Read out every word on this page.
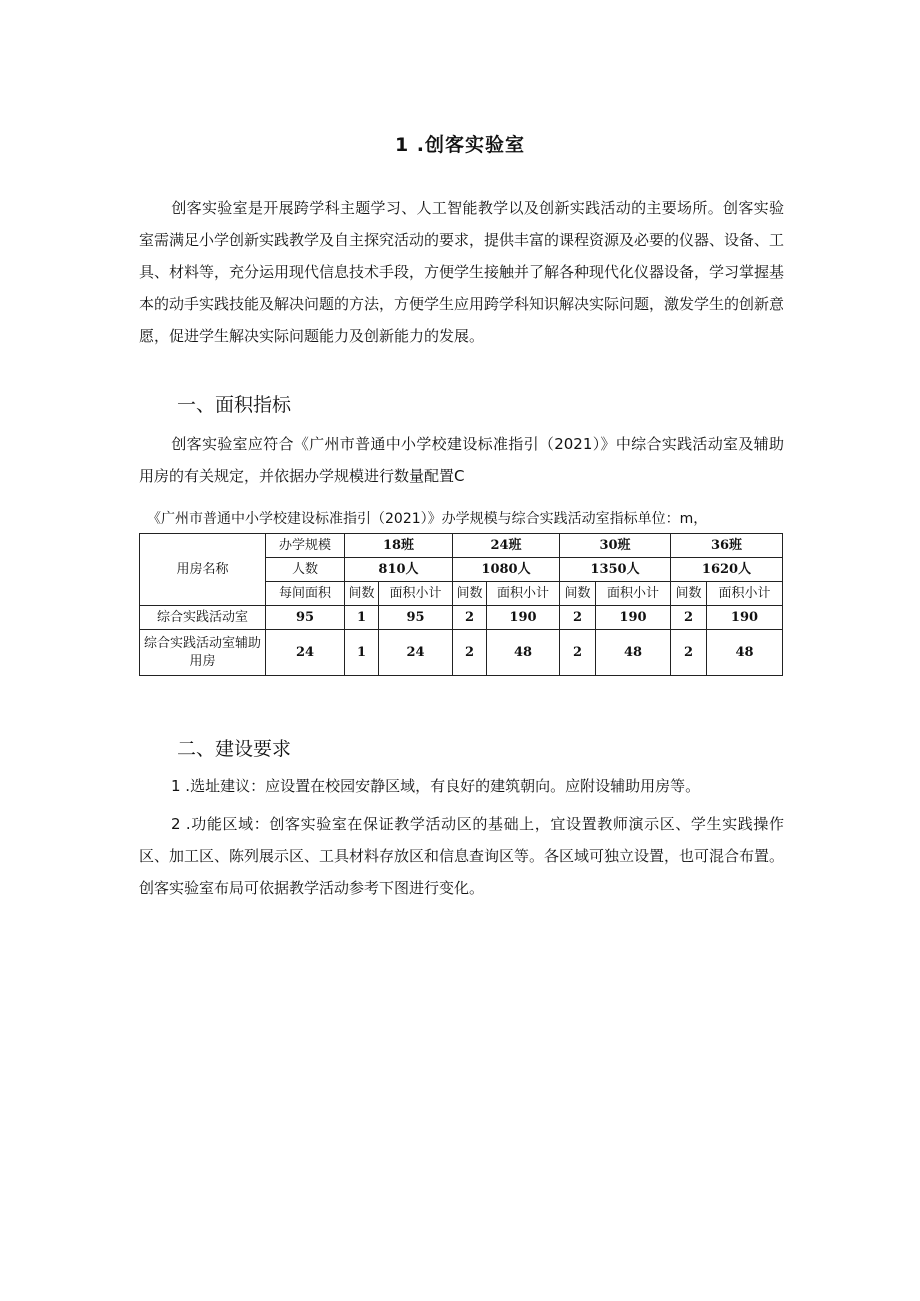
1 .创客实验室
创客实验室是开展跨学科主题学习、人工智能教学以及创新实践活动的主要场所。创客实验室需满足小学创新实践教学及自主探究活动的要求，提供丰富的课程资源及必要的仪器、设备、工具、材料等，充分运用现代信息技术手段，方便学生接触并了解各种现代化仪器设备，学习掌握基本的动手实践技能及解决问题的方法，方便学生应用跨学科知识解决实际问题，激发学生的创新意愿，促进学生解决实际问题能力及创新能力的发展。
一、面积指标
创客实验室应符合《广州市普通中小学校建设标准指引（2021）》中综合实践活动室及辅助用房的有关规定，并依据办学规模进行数量配置C
《广州市普通中小学校建设标准指引（2021）》办学规模与综合实践活动室指标单位：m，
用房名称	办学规模	18班		24班		30班		36班	
	人数	810人		1080人		1350人		1620人	
	每间面积	间数	面积小计	间数	面积小计	间数	面积小计	间数	面积小计
综合实践活动室	95	1	95	2	190	2	190	2	190
综合实践活动室辅助用房	24	1	24	2	48	2	48	2	48
二、建设要求
1 .选址建议：应设置在校园安静区域，有良好的建筑朝向。应附设辅助用房等。
2 .功能区域：创客实验室在保证教学活动区的基础上，宜设置教师演示区、学生实践操作区、加工区、陈列展示区、工具材料存放区和信息查询区等。各区域可独立设置，也可混合布置。创客实验室布局可依据教学活动参考下图进行变化。
